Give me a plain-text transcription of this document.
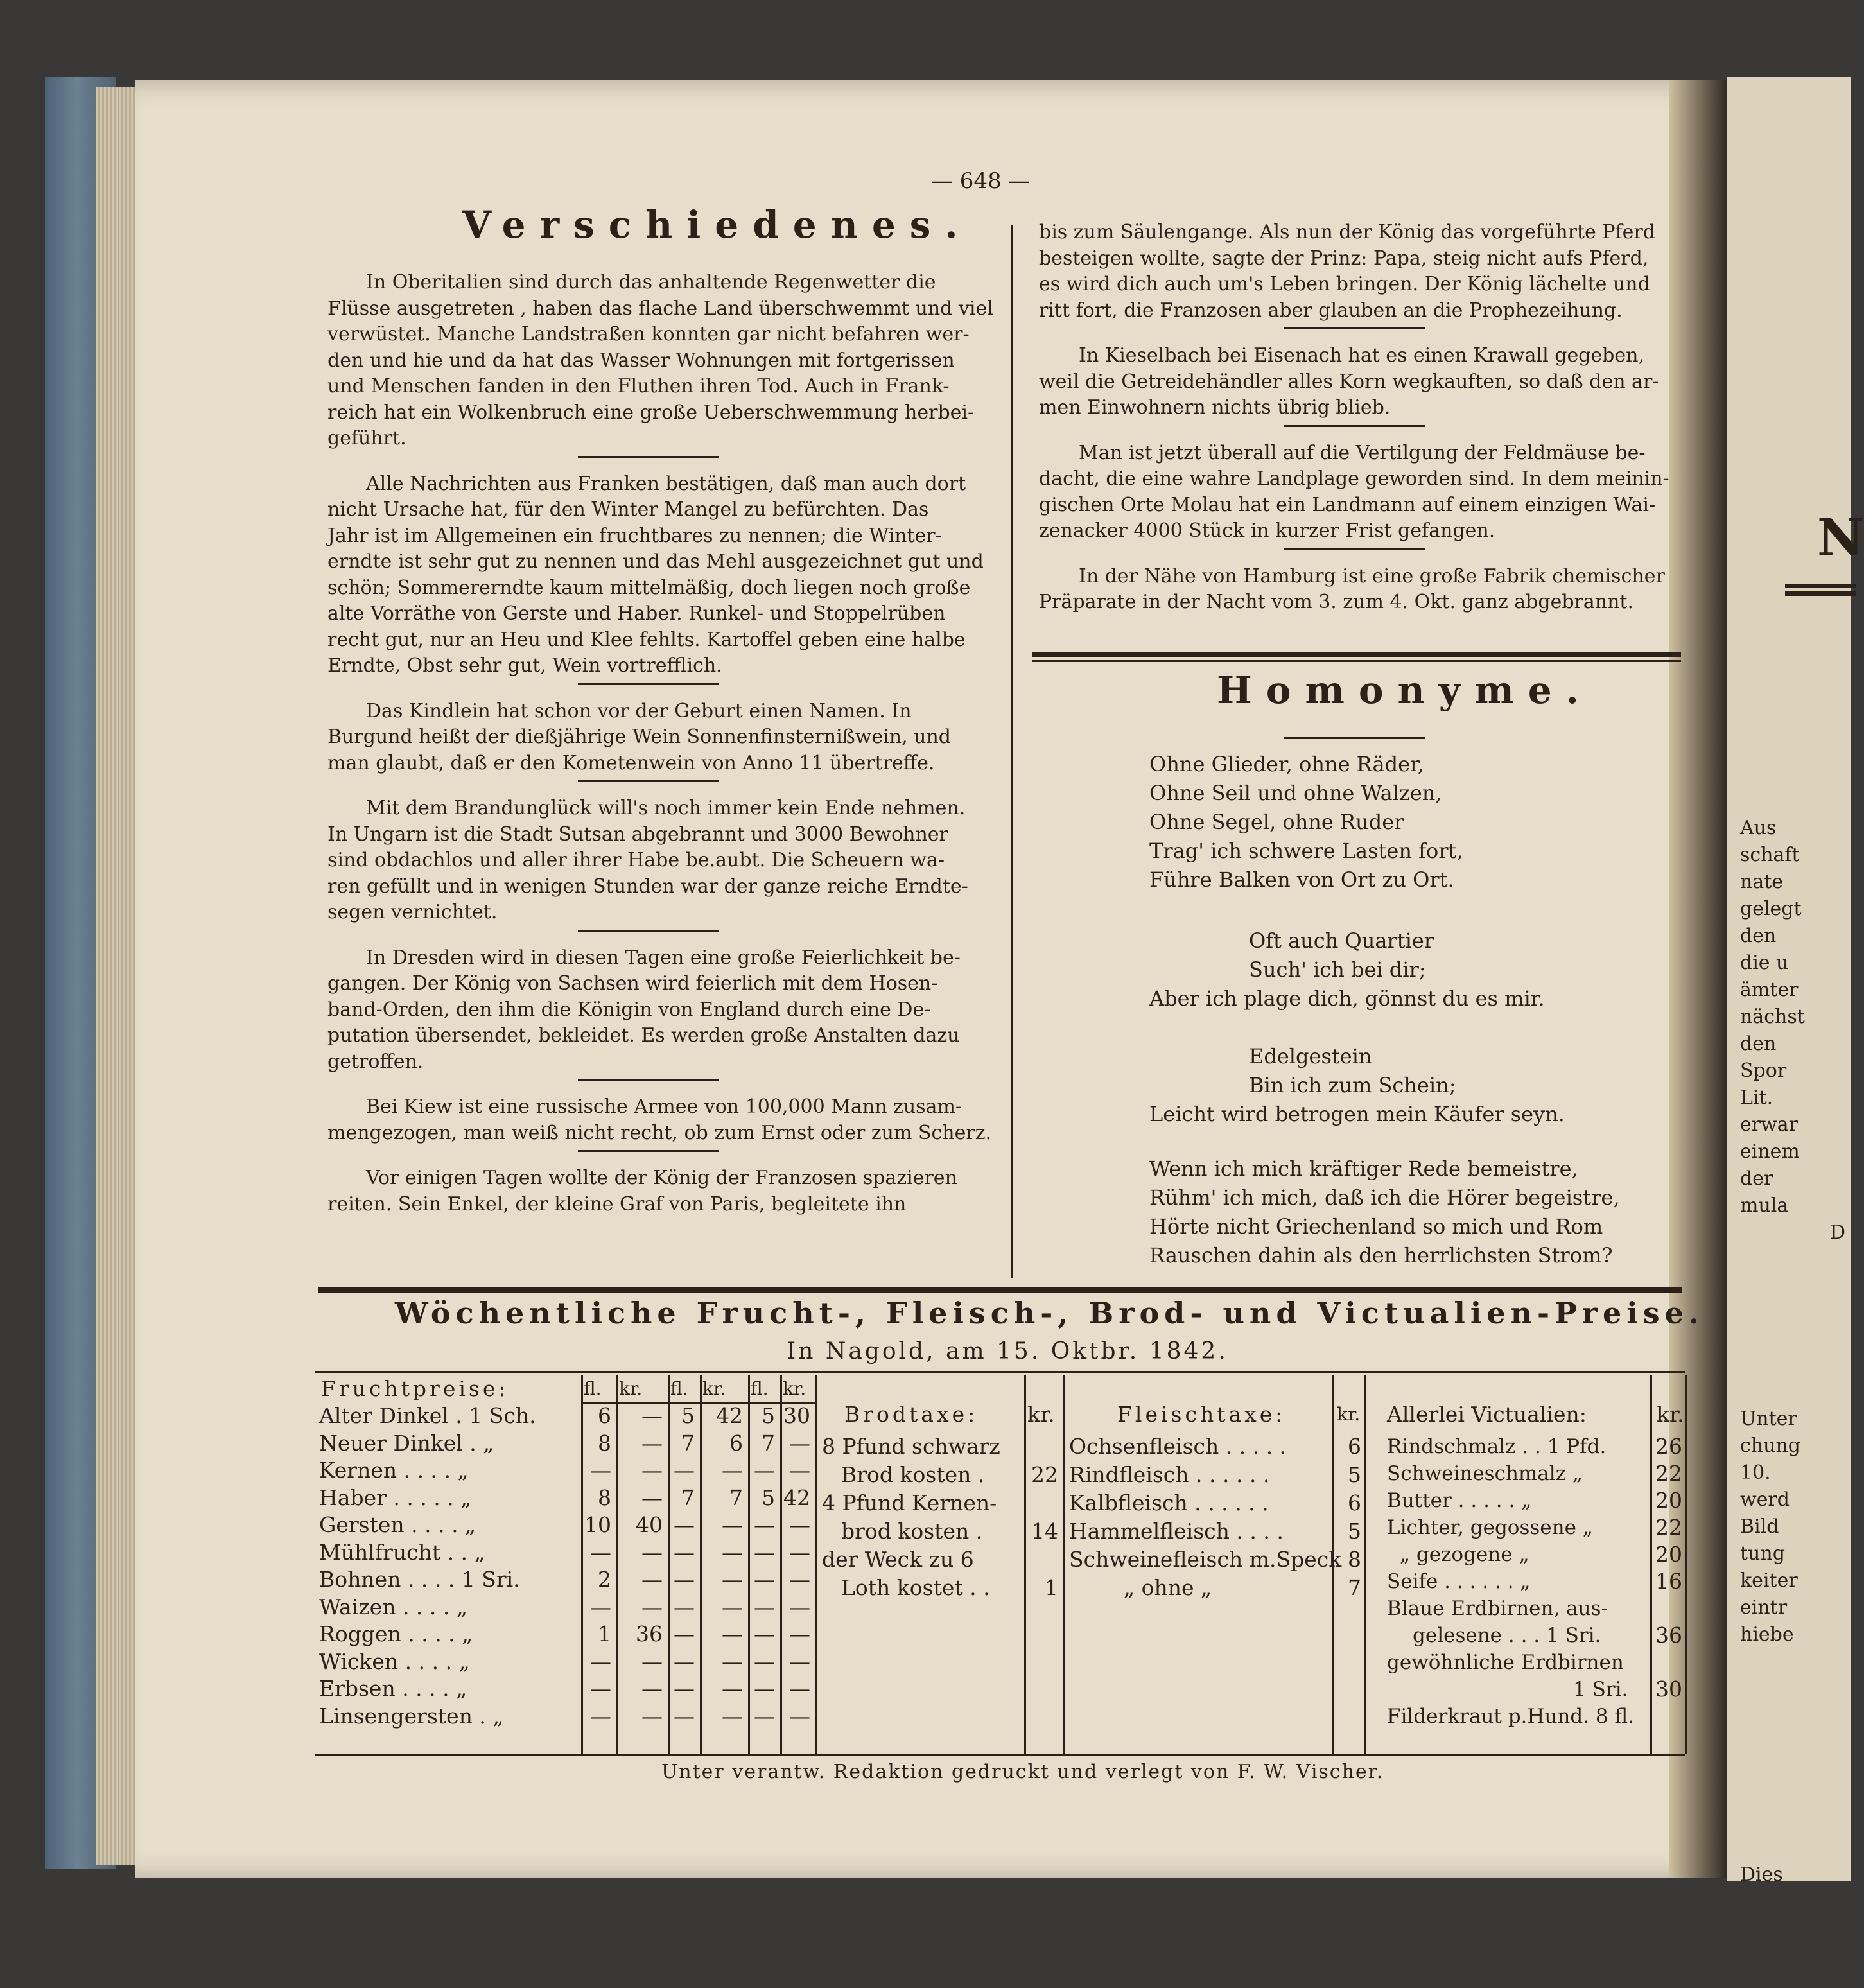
N
Aus
schaft
nate
gelegt
den
die u
ämter
nächst
den
Spor
Lit.
erwar
einem
der
mula
D
Unter
chung
10.
werd
Bild
tung
keiter
eintr
hiebe
Dies
— 648 —
Verschiedenes.
In Oberitalien sind durch das anhaltende Regenwetter die
Flüsse ausgetreten , haben das flache Land überschwemmt und viel
verwüstet. Manche Landstraßen konnten gar nicht befahren wer-
den und hie und da hat das Wasser Wohnungen mit fortgerissen
und Menschen fanden in den Fluthen ihren Tod. Auch in Frank-
reich hat ein Wolkenbruch eine große Ueberschwemmung herbei-
geführt.
Alle Nachrichten aus Franken bestätigen, daß man auch dort
nicht Ursache hat, für den Winter Mangel zu befürchten. Das
Jahr ist im Allgemeinen ein fruchtbares zu nennen; die Winter-
erndte ist sehr gut zu nennen und das Mehl ausgezeichnet gut und
schön; Sommererndte kaum mittelmäßig, doch liegen noch große
alte Vorräthe von Gerste und Haber. Runkel- und Stoppelrüben
recht gut, nur an Heu und Klee fehlts. Kartoffel geben eine halbe
Erndte, Obst sehr gut, Wein vortrefflich.
Das Kindlein hat schon vor der Geburt einen Namen. In
Burgund heißt der dießjährige Wein Sonnenfinsternißwein, und
man glaubt, daß er den Kometenwein von Anno 11 übertreffe.
Mit dem Brandunglück will's noch immer kein Ende nehmen.
In Ungarn ist die Stadt Sutsan abgebrannt und 3000 Bewohner
sind obdachlos und aller ihrer Habe be.aubt. Die Scheuern wa-
ren gefüllt und in wenigen Stunden war der ganze reiche Erndte-
segen vernichtet.
In Dresden wird in diesen Tagen eine große Feierlichkeit be-
gangen. Der König von Sachsen wird feierlich mit dem Hosen-
band-Orden, den ihm die Königin von England durch eine De-
putation übersendet, bekleidet. Es werden große Anstalten dazu
getroffen.
Bei Kiew ist eine russische Armee von 100,000 Mann zusam-
mengezogen, man weiß nicht recht, ob zum Ernst oder zum Scherz.
Vor einigen Tagen wollte der König der Franzosen spazieren
reiten. Sein Enkel, der kleine Graf von Paris, begleitete ihn
bis zum Säulengange. Als nun der König das vorgeführte Pferd
besteigen wollte, sagte der Prinz: Papa, steig nicht aufs Pferd,
es wird dich auch um's Leben bringen. Der König lächelte und
ritt fort, die Franzosen aber glauben an die Prophezeihung.
In Kieselbach bei Eisenach hat es einen Krawall gegeben,
weil die Getreidehändler alles Korn wegkauften, so daß den ar-
men Einwohnern nichts übrig blieb.
Man ist jetzt überall auf die Vertilgung der Feldmäuse be-
dacht, die eine wahre Landplage geworden sind. In dem meinin-
gischen Orte Molau hat ein Landmann auf einem einzigen Wai-
zenacker 4000 Stück in kurzer Frist gefangen.
In der Nähe von Hamburg ist eine große Fabrik chemischer
Präparate in der Nacht vom 3. zum 4. Okt. ganz abgebrannt.
Homonyme.
Ohne Glieder, ohne Räder,
Ohne Seil und ohne Walzen,
Ohne Segel, ohne Ruder
Trag' ich schwere Lasten fort,
Führe Balken von Ort zu Ort.
Oft auch Quartier
Such' ich bei dir;
Aber ich plage dich, gönnst du es mir.
Edelgestein
Bin ich zum Schein;
Leicht wird betrogen mein Käufer seyn.
Wenn ich mich kräftiger Rede bemeistre,
Rühm' ich mich, daß ich die Hörer begeistre,
Hörte nicht Griechenland so mich und Rom
Rauschen dahin als den herrlichsten Strom?
Wöchentliche Frucht-, Fleisch-, Brod- und Victualien-Preise.
In Nagold, am 15. Oktbr. 1842.
Fruchtpreise:	fl. kr. fl. kr. fl. kr.
Alter Dinkel . 1 Sch.	6	— 5	42 5 30
Neuer Dinkel . „	8	— 7	6 7 —
Kernen . . . . „	—	— —	— — —
Haber . . . . . „	8	— 7	7 5 42
Gersten . . . . „	10	40 —	— — —
Mühlfrucht . . „	—	— —	— — —
Bohnen . . . . 1 Sri.	2	— —	— — —
Waizen . . . . „	—	— —	— — —
Roggen . . . . „	1	36 —	— — —
Wicken . . . . „	—	— —	— — —
Erbsen . . . . „	—	— —	— — —
Linsengersten . „	—	— —	— — —
Brodtaxe: kr.
8 Pfund schwarz
Brod kosten . 22
4 Pfund Kernen-
brod kosten . 14
der Weck zu 6
Loth kostet . .	1
Fleischtaxe:	kr.
Ochsenfleisch . . . . .	6
Rindfleisch . . . . . .	5
Kalbfleisch . . . . . .	6
Hammelfleisch . . . .	5
Schweinefleisch m.Speck 8
„ ohne „	7
Allerlei Victualien:	kr.
Rindschmalz . . 1 Pfd. 26
Schweineschmalz „	22
Butter . . . . . „	20
Lichter, gegossene „	22
„ gezogene „	20
Seife . . . . . . „	16
Blaue Erdbirnen, aus-
gelesene . . . 1 Sri.	36
gewöhnliche Erdbirnen
1 Sri. 30
Filderkraut p.Hund. 8 fl.
Unter verantw. Redaktion gedruckt und verlegt von F. W. Vischer.
